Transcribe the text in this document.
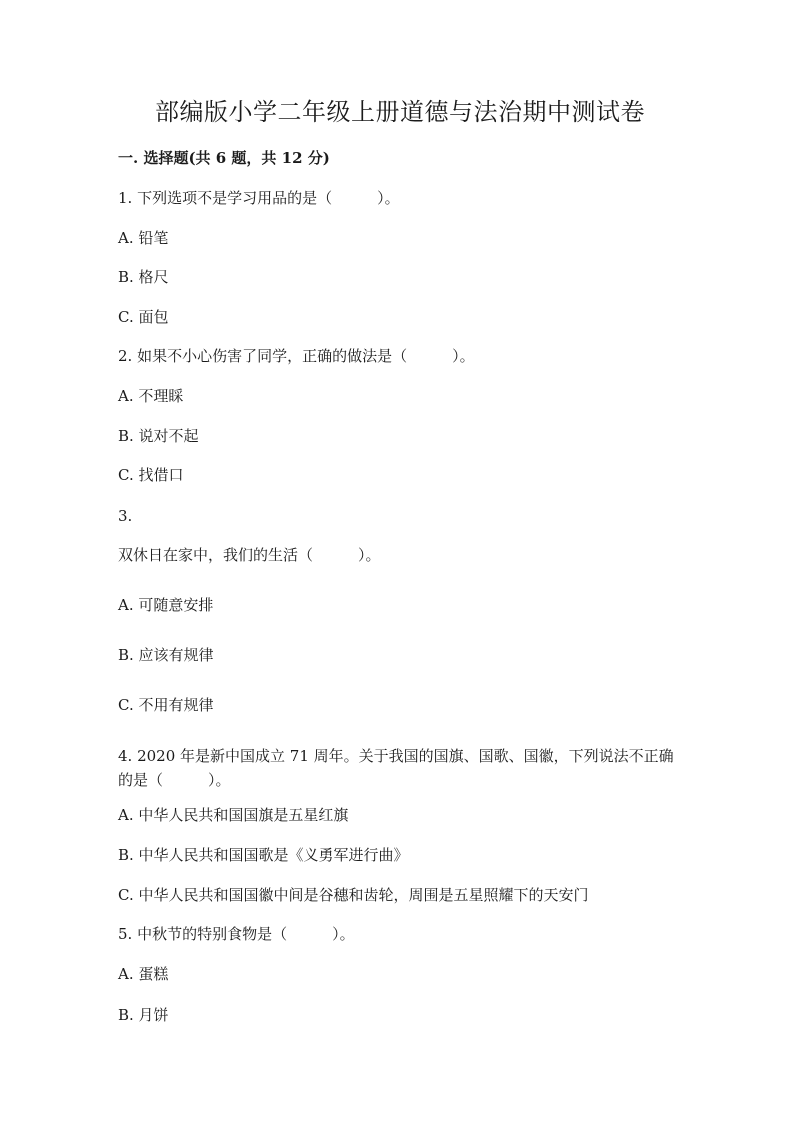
部编版小学二年级上册道德与法治期中测试卷
一. 选择题(共 6 题，共 12 分)
1. 下列选项不是学习用品的是（　　　）。
A. 铅笔
B. 格尺
C. 面包
2. 如果不小心伤害了同学，正确的做法是（　　　）。
A. 不理睬
B. 说对不起
C. 找借口
3.
双休日在家中，我们的生活（　　　）。
A. 可随意安排
B. 应该有规律
C. 不用有规律
4. 2020 年是新中国成立 71 周年。关于我国的国旗、国歌、国徽，下列说法不正确的是（　　　）。
A. 中华人民共和国国旗是五星红旗
B. 中华人民共和国国歌是《义勇军进行曲》
C. 中华人民共和国国徽中间是谷穗和齿轮，周围是五星照耀下的天安门
5. 中秋节的特别食物是（　　　）。
A. 蛋糕
B. 月饼
